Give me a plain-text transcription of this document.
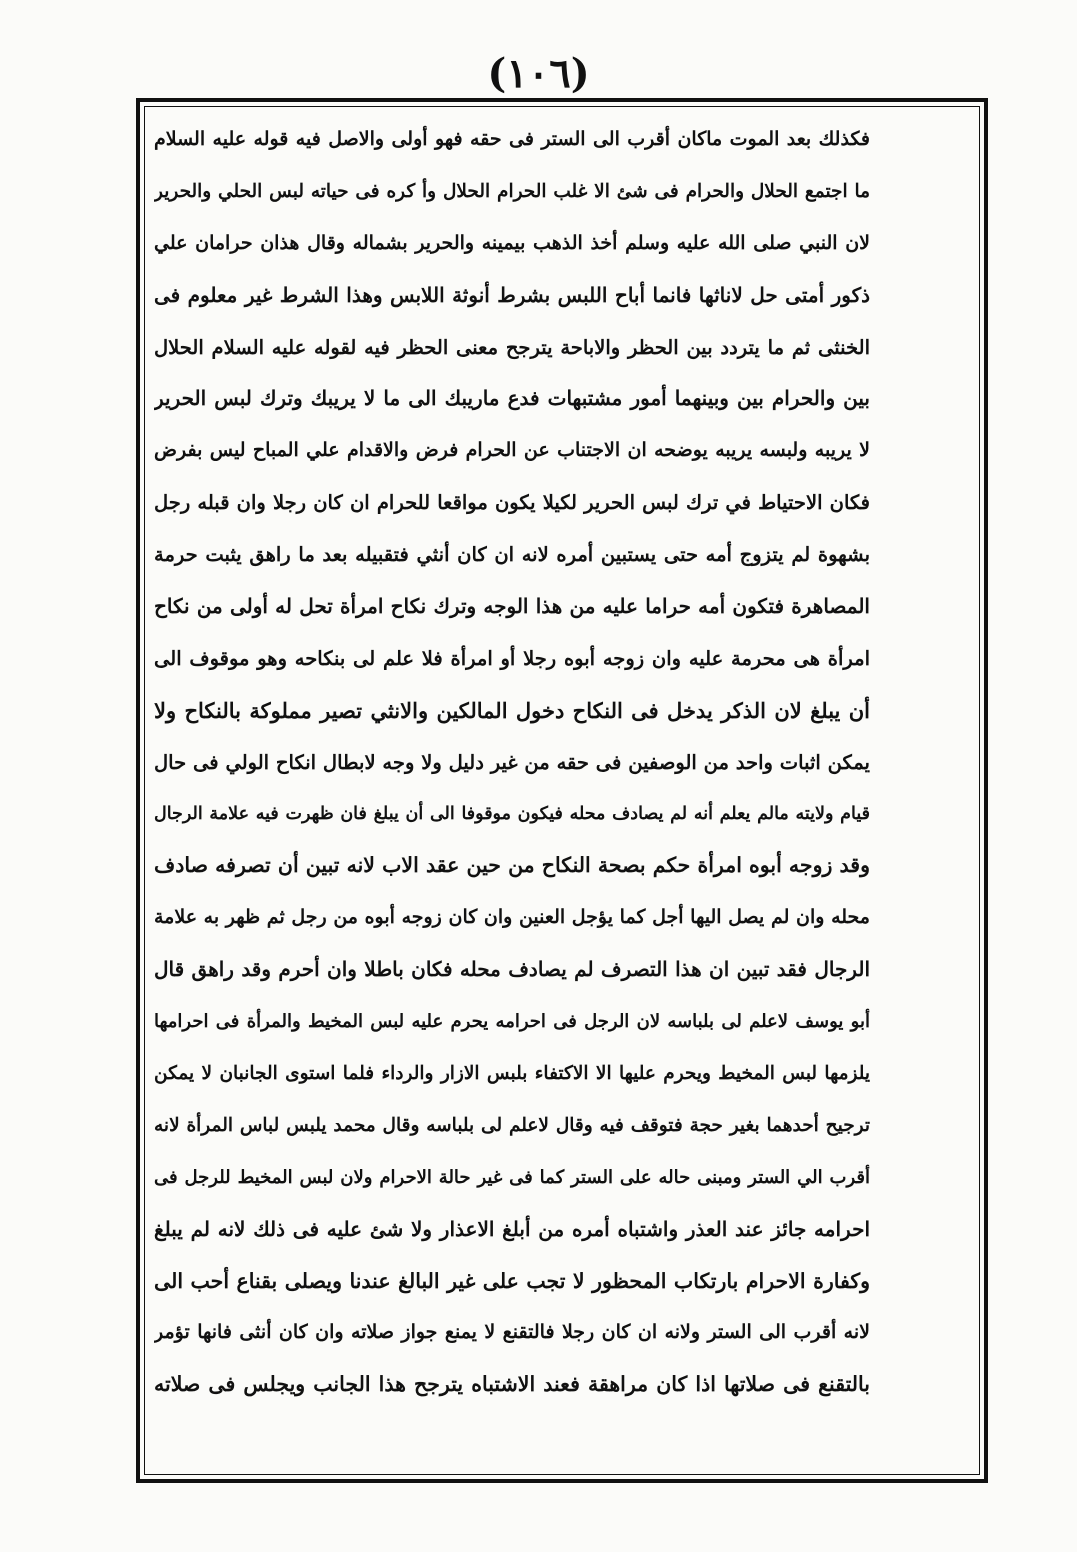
(١٠٦)
فكذلك بعد الموت ماكان أقرب الى الستر فى حقه فهو أولى والاصل فيه قوله عليه السلام
ما اجتمع الحلال والحرام فى شئ الا غلب الحرام الحلال وأ كره فى حياته لبس الحلي والحرير
لان النبي صلى الله عليه وسلم أخذ الذهب بيمينه والحرير بشماله وقال هذان حرامان علي
ذكور أمتى حل لاناثها فانما أباح اللبس بشرط أنوثة اللابس وهذا الشرط غير معلوم فى
الخنثى ثم ما يتردد بين الحظر والاباحة يترجح معنى الحظر فيه لقوله عليه السلام الحلال
بين والحرام بين وبينهما أمور مشتبهات فدع ماريبك الى ما لا يريبك وترك لبس الحرير
لا يريبه ولبسه يريبه يوضحه ان الاجتناب عن الحرام فرض والاقدام علي المباح ليس بفرض
فكان الاحتياط في ترك لبس الحرير لكيلا يكون مواقعا للحرام ان كان رجلا وان قبله رجل
بشهوة لم يتزوج أمه حتى يستبين أمره لانه ان كان أنثي فتقبيله بعد ما راهق يثبت حرمة
المصاهرة فتكون أمه حراما عليه من هذا الوجه وترك نكاح امرأة تحل له أولى من نكاح
امرأة هى محرمة عليه وان زوجه أبوه رجلا أو امرأة فلا علم لى بنكاحه وهو موقوف الى
أن يبلغ لان الذكر يدخل فى النكاح دخول المالكين والانثي تصير مملوكة بالنكاح ولا
يمكن اثبات واحد من الوصفين فى حقه من غير دليل ولا وجه لابطال انكاح الولي فى حال
قيام ولايته مالم يعلم أنه لم يصادف محله فيكون موقوفا الى أن يبلغ فان ظهرت فيه علامة الرجال
وقد زوجه أبوه امرأة حكم بصحة النكاح من حين عقد الاب لانه تبين أن تصرفه صادف
محله وان لم يصل اليها أجل كما يؤجل العنين وان كان زوجه أبوه من رجل ثم ظهر به علامة
الرجال فقد تبين ان هذا التصرف لم يصادف محله فكان باطلا وان أحرم وقد راهق قال
أبو يوسف لاعلم لى بلباسه لان الرجل فى احرامه يحرم عليه لبس المخيط والمرأة فى احرامها
يلزمها لبس المخيط ويحرم عليها الا الاكتفاء بلبس الازار والرداء فلما استوى الجانبان لا يمكن
ترجيح أحدهما بغير حجة فتوقف فيه وقال لاعلم لى بلباسه وقال محمد يلبس لباس المرأة لانه
أقرب الي الستر ومبنى حاله على الستر كما فى غير حالة الاحرام ولان لبس المخيط للرجل فى
احرامه جائز عند العذر واشتباه أمره من أبلغ الاعذار ولا شئ عليه فى ذلك لانه لم يبلغ
وكفارة الاحرام بارتكاب المحظور لا تجب على غير البالغ عندنا ويصلى بقناع أحب الى
لانه أقرب الى الستر ولانه ان كان رجلا فالتقنع لا يمنع جواز صلاته وان كان أنثى فانها تؤمر
بالتقنع فى صلاتها اذا كان مراهقة فعند الاشتباه يترجح هذا الجانب ويجلس فى صلاته
